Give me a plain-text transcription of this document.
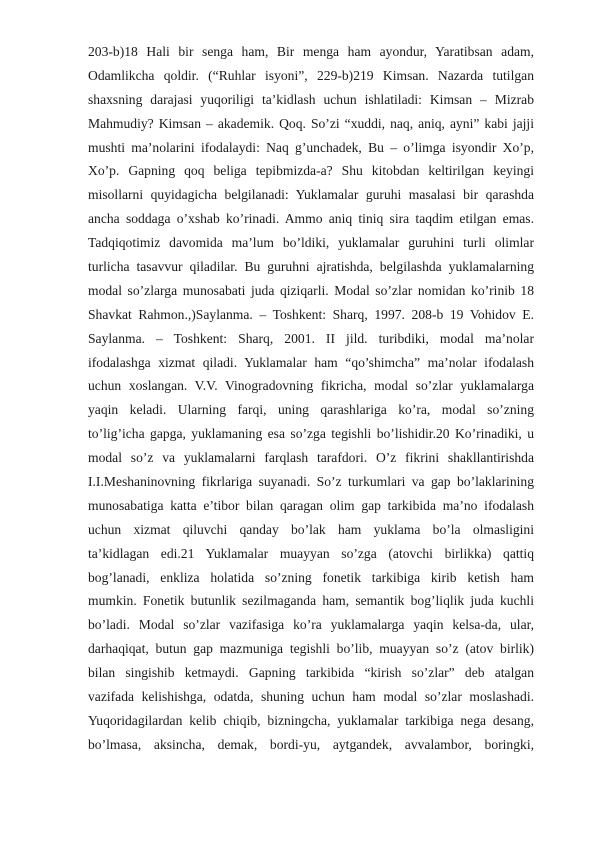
203-b)18 Hali bir senga ham, Bir menga ham ayondur, Yaratibsan adam,
Odamlikcha qoldir. (“Ruhlar isyoni”, 229-b)219 Kimsan. Nazarda tutilgan
shaxsning darajasi yuqoriligi ta’kidlash uchun ishlatiladi: Kimsan – Mizrab
Mahmudiy? Kimsan – akademik. Qoq. So’zi “xuddi, naq, aniq, ayni” kabi jajji
mushti ma’nolarini ifodalaydi: Naq g’unchadek, Bu – o’limga isyondir Xo’p,
Xo’p. Gapning qoq beliga tepibmizda-a? Shu kitobdan keltirilgan keyingi
misollarni quyidagicha belgilanadi: Yuklamalar guruhi masalasi bir qarashda
ancha soddaga o’xshab ko’rinadi. Ammo aniq tiniq sira taqdim etilgan emas.
Tadqiqotimiz davomida ma’lum bo’ldiki, yuklamalar guruhini turli olimlar
turlicha tasavvur qiladilar. Bu guruhni ajratishda, belgilashda yuklamalarning
modal so’zlarga munosabati juda qiziqarli. Modal so’zlar nomidan ko’rinib 18
Shavkat Rahmon.,)Saylanma. – Toshkent: Sharq, 1997. 208-b 19 Vohidov E.
Saylanma. – Toshkent: Sharq, 2001. II jild. turibdiki, modal ma’nolar
ifodalashga xizmat qiladi. Yuklamalar ham “qo’shimcha” ma’nolar ifodalash
uchun xoslangan. V.V. Vinogradovning fikricha, modal so’zlar yuklamalarga
yaqin keladi. Ularning farqi, uning qarashlariga ko’ra, modal so’zning
to’lig’icha gapga, yuklamaning esa so’zga tegishli bo’lishidir.20 Ko’rinadiki, u
modal so’z va yuklamalarni farqlash tarafdori. O’z fikrini shakllantirishda
I.I.Meshaninovning fikrlariga suyanadi. So’z turkumlari va gap bo’laklarining
munosabatiga katta e’tibor bilan qaragan olim gap tarkibida ma’no ifodalash
uchun xizmat qiluvchi qanday bo’lak ham yuklama bo’la olmasligini
ta’kidlagan edi.21 Yuklamalar muayyan so’zga (atovchi birlikka) qattiq
bog’lanadi, enkliza holatida so’zning fonetik tarkibiga kirib ketish ham
mumkin. Fonetik butunlik sezilmaganda ham, semantik bog’liqlik juda kuchli
bo’ladi. Modal so’zlar vazifasiga ko’ra yuklamalarga yaqin kelsa-da, ular,
darhaqiqat, butun gap mazmuniga tegishli bo’lib, muayyan so’z (atov birlik)
bilan singishib ketmaydi. Gapning tarkibida “kirish so’zlar” deb atalgan
vazifada kelishishga, odatda, shuning uchun ham modal so’zlar moslashadi.
Yuqoridagilardan kelib chiqib, bizningcha, yuklamalar tarkibiga nega desang,
bo’lmasa, aksincha, demak, bordi-yu, aytgandek, avvalambor, boringki,
